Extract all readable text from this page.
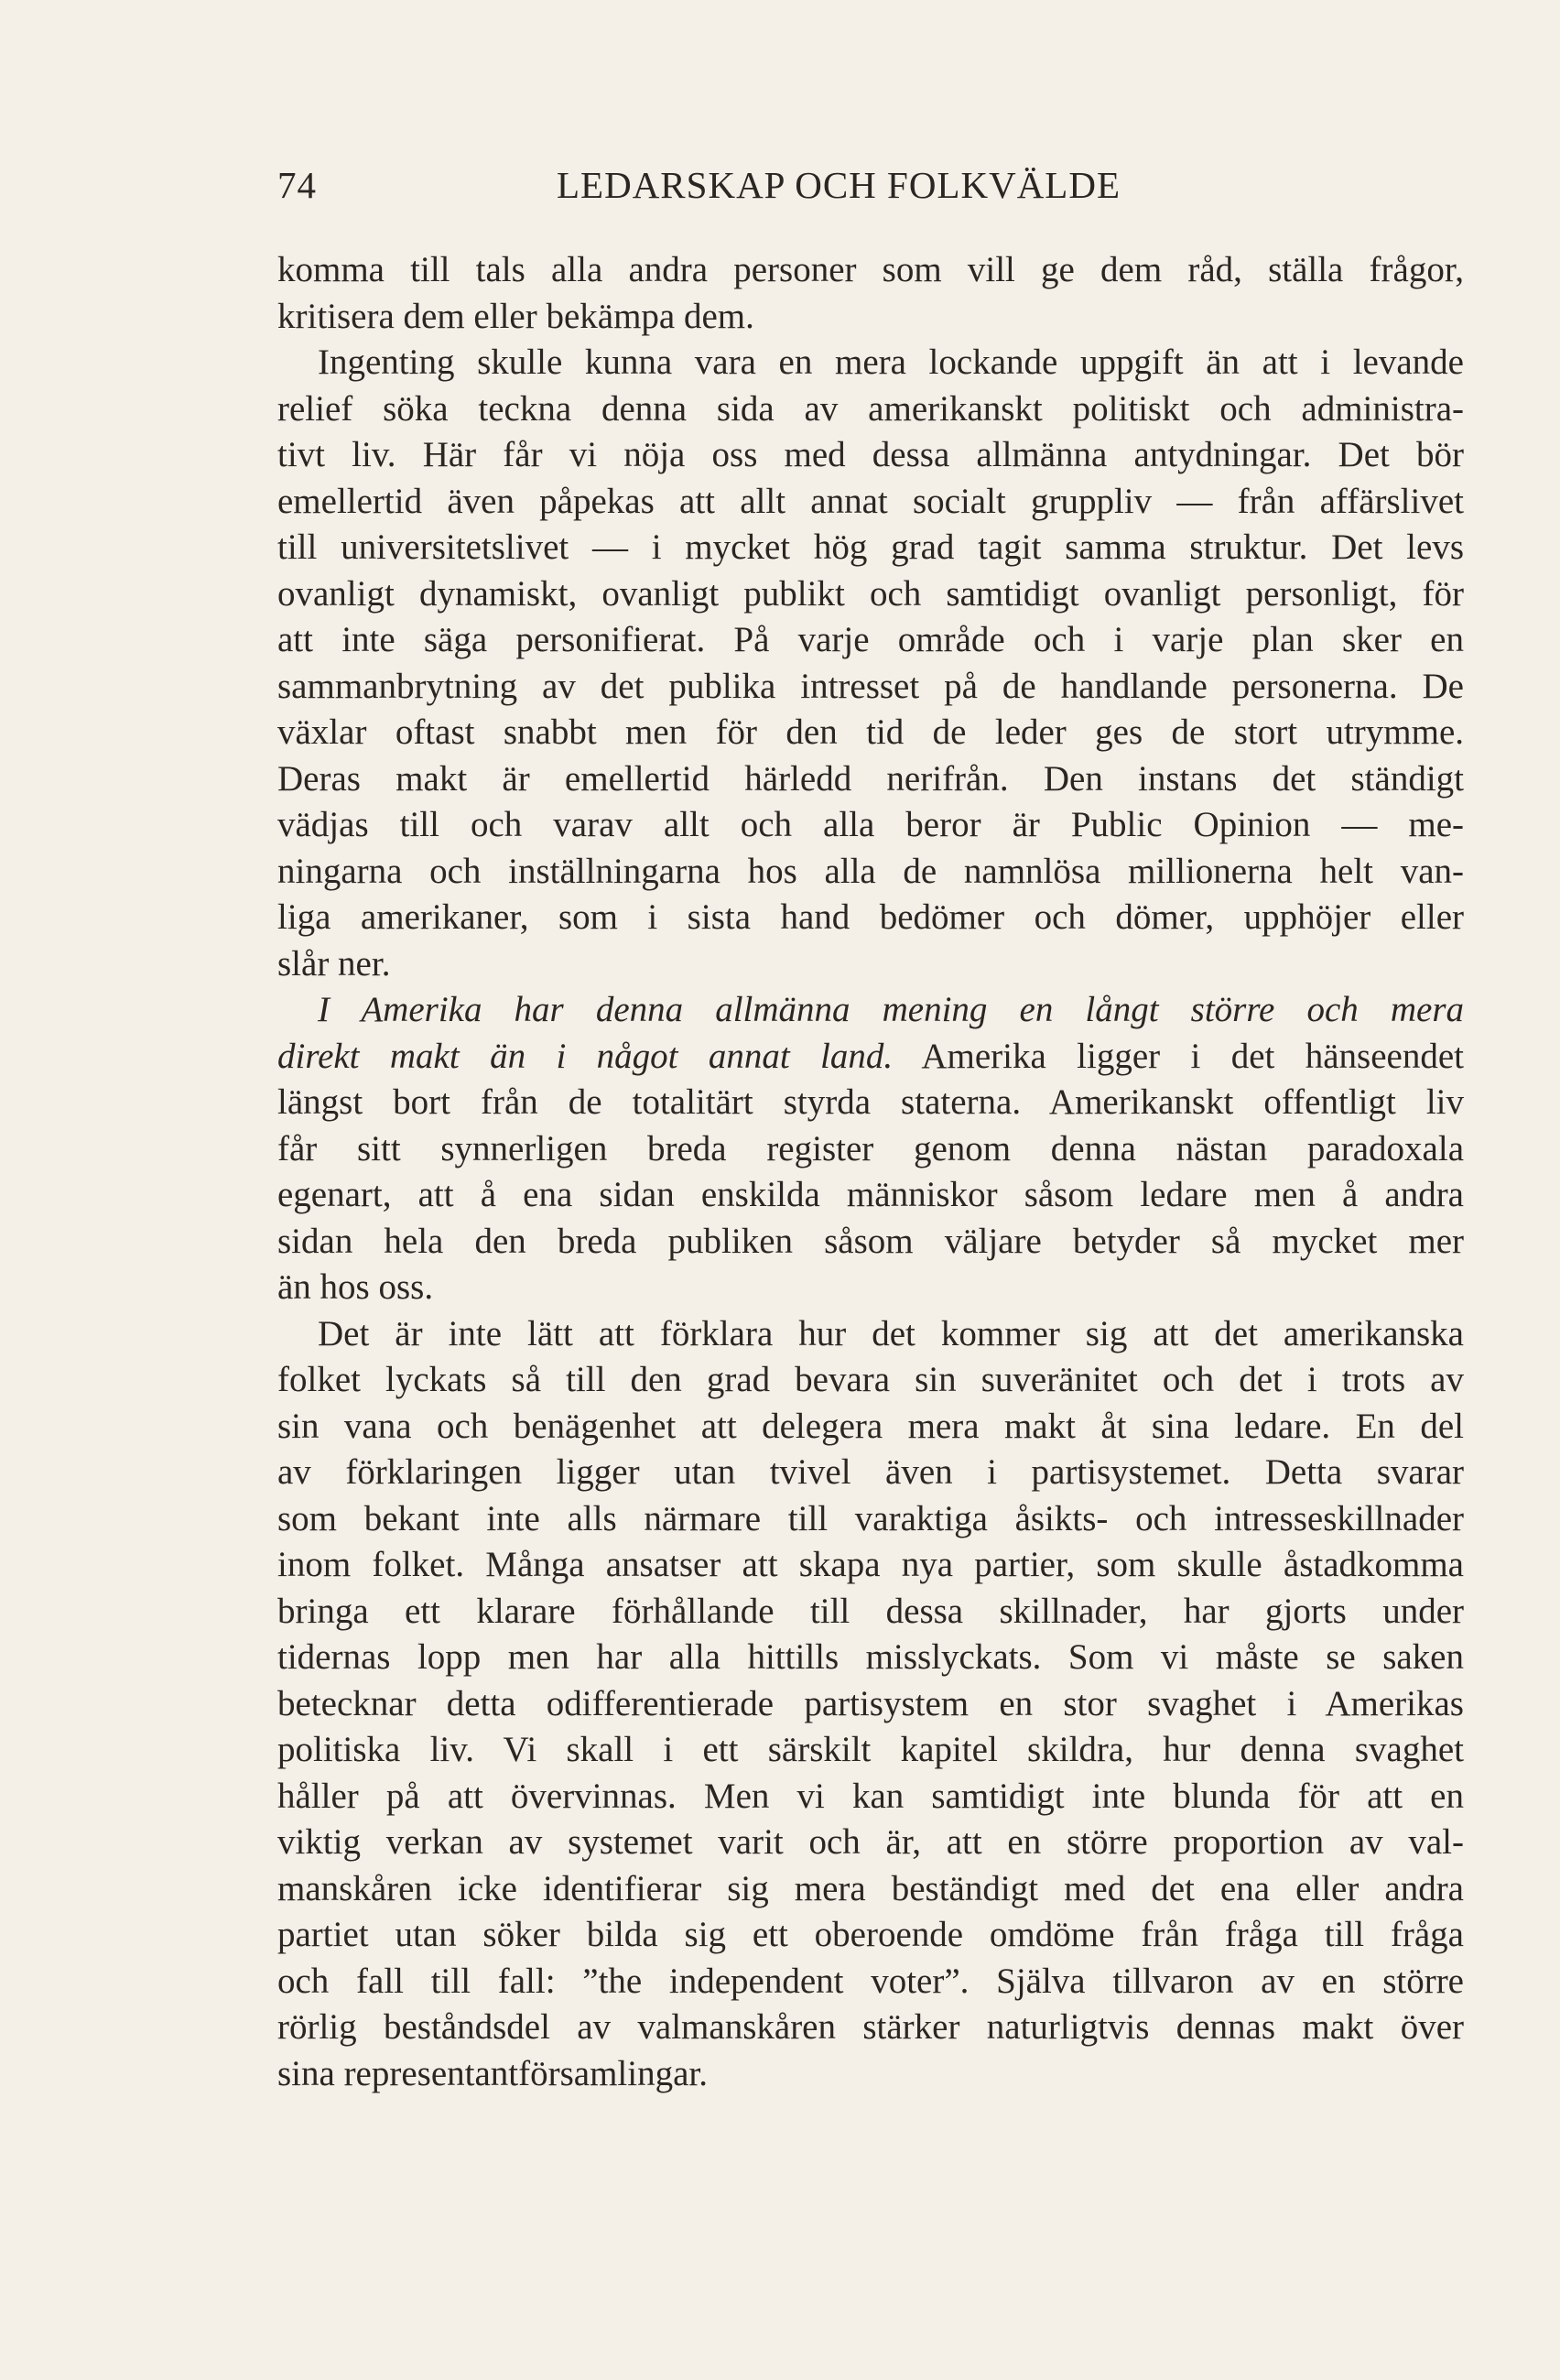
74	LEDARSKAP OCH FOLKVÄLDE
komma till tals alla andra personer som vill ge dem råd, ställa frågor,
kritisera dem eller bekämpa dem.
Ingenting skulle kunna vara en mera lockande uppgift än att i levande
relief söka teckna denna sida av amerikanskt politiskt och administra-
tivt liv. Här får vi nöja oss med dessa allmänna antydningar. Det bör
emellertid även påpekas att allt annat socialt gruppliv — från affärslivet
till universitetslivet — i mycket hög grad tagit samma struktur. Det levs
ovanligt dynamiskt, ovanligt publikt och samtidigt ovanligt personligt, för
att inte säga personifierat. På varje område och i varje plan sker en
sammanbrytning av det publika intresset på de handlande personerna. De
växlar oftast snabbt men för den tid de leder ges de stort utrymme.
Deras makt är emellertid härledd nerifrån. Den instans det ständigt
vädjas till och varav allt och alla beror är Public Opinion — me-
ningarna och inställningarna hos alla de namnlösa millionerna helt van-
liga amerikaner, som i sista hand bedömer och dömer, upphöjer eller
slår ner.
I Amerika har denna allmänna mening en långt större och mera
direkt makt än i något annat land. Amerika ligger i det hänseendet
längst bort från de totalitärt styrda staterna. Amerikanskt offentligt liv
får sitt synnerligen breda register genom denna nästan paradoxala
egenart, att å ena sidan enskilda människor såsom ledare men å andra
sidan hela den breda publiken såsom väljare betyder så mycket mer
än hos oss.
Det är inte lätt att förklara hur det kommer sig att det amerikanska
folket lyckats så till den grad bevara sin suveränitet och det i trots av
sin vana och benägenhet att delegera mera makt åt sina ledare. En del
av förklaringen ligger utan tvivel även i partisystemet. Detta svarar
som bekant inte alls närmare till varaktiga åsikts- och intresseskillnader
inom folket. Många ansatser att skapa nya partier, som skulle åstadkomma
bringa ett klarare förhållande till dessa skillnader, har gjorts under
tidernas lopp men har alla hittills misslyckats. Som vi måste se saken
betecknar detta odifferentierade partisystem en stor svaghet i Amerikas
politiska liv. Vi skall i ett särskilt kapitel skildra, hur denna svaghet
håller på att övervinnas. Men vi kan samtidigt inte blunda för att en
viktig verkan av systemet varit och är, att en större proportion av val-
manskåren icke identifierar sig mera beständigt med det ena eller andra
partiet utan söker bilda sig ett oberoende omdöme från fråga till fråga
och fall till fall: ”the independent voter”. Själva tillvaron av en större
rörlig beståndsdel av valmanskåren stärker naturligtvis dennas makt över
sina representantförsamlingar.
